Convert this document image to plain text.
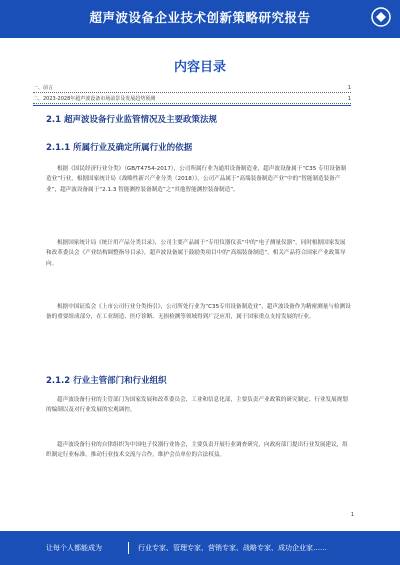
超声波设备企业技术创新策略研究报告
内容目录
一、前言	1
二、2023-2028年超声波设备市场前景及发展趋势预测	1
2.1 超声波设备行业监管情况及主要政策法规
2.1.1 所属行业及确定所属行业的依据
根据《国民经济行业分类》（GB/T4754-2017），公司所属行业为通用设备制造业，超声波设备属于“C35 专用设备制造业”行业，根据国家统计局《战略性新兴产业分类（2018）》，公司产品属于“高端装备制造产业”中的“智能制造装备产业”，超声波设备属于“2.1.3 智能测控装备制造”之“其他智能测控装备制造”。
根据国家统计局《统计用产品分类目录》，公司主要产品属于“专用仪器仪表”中的“电子测量仪器”，同时根据国家发展和改革委员会《产业结构调整指导目录》，超声波设备属于鼓励类项目中的“高端装备制造”，相关产品符合国家产业政策导向。
根据中国证监会《上市公司行业分类指引》，公司所处行业为“C35专用设备制造业”，超声波设备作为精密测量与检测设备的重要组成部分，在工业制造、医疗诊断、无损检测等领域得到广泛应用，属于国家重点支持发展的行业。
2.1.2 行业主管部门和行业组织
超声波设备行业的主管部门为国家发展和改革委员会、工业和信息化部，主要负责产业政策的研究制定、行业发展规划的编制以及对行业发展的宏观调控。
超声波设备行业的自律组织为中国电子仪器行业协会，主要负责开展行业调查研究，向政府部门提出行业发展建议，组织制定行业标准，推动行业技术交流与合作，维护会员单位的合法权益。
1
让每个人都能成为	行业专家、管理专家、营销专家、战略专家、成功企业家……
